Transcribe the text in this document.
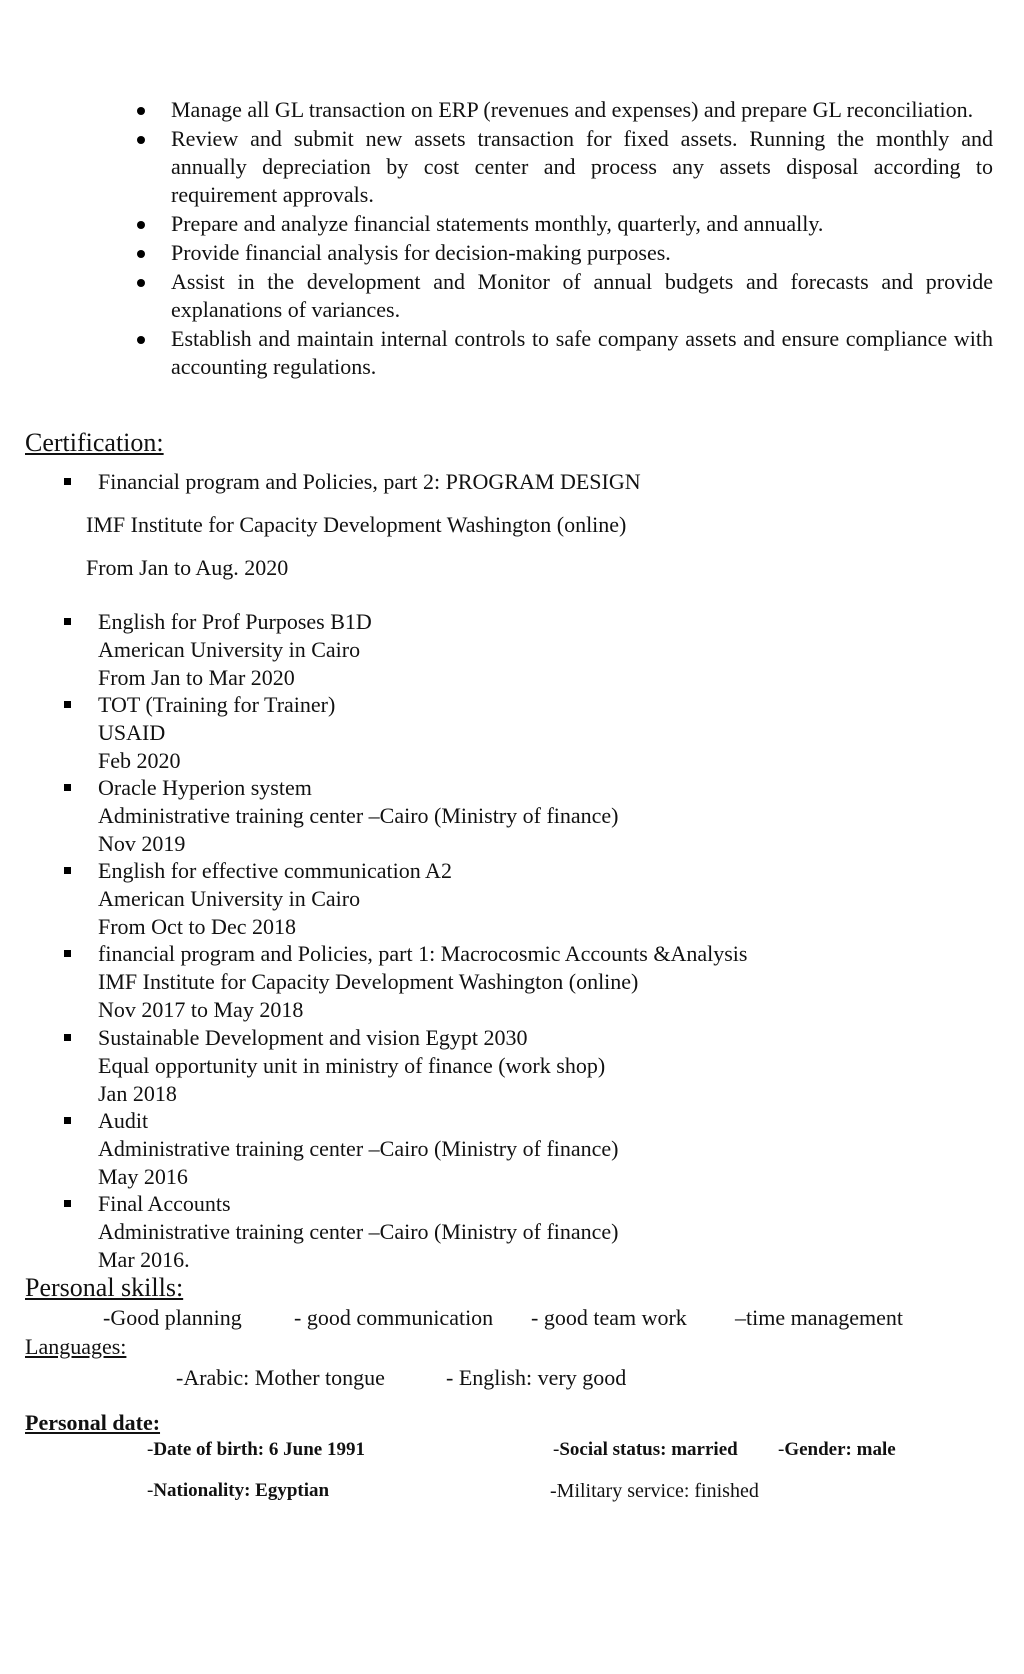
Manage all GL transaction on ERP (revenues and expenses) and prepare GL reconciliation.
Review and submit new assets transaction for fixed assets. Running the monthly and annually depreciation by cost center and process any assets disposal according to requirement approvals.
Prepare and analyze financial statements monthly, quarterly, and annually.
Provide financial analysis for decision-making purposes.
Assist in the development and Monitor of annual budgets and forecasts and provide explanations of variances.
Establish and maintain internal controls to safe company assets and ensure compliance with accounting regulations.
Certification:
Financial program and Policies, part 2: PROGRAM DESIGN
IMF Institute for Capacity Development Washington (online)
From Jan to Aug. 2020
English for Prof Purposes B1D
American University in Cairo
From Jan to Mar 2020
TOT (Training for Trainer)
USAID
Feb 2020
Oracle Hyperion system
Administrative training center –Cairo (Ministry of finance)
Nov 2019
English for effective communication A2
American University in Cairo
From Oct to Dec 2018
financial program and Policies, part 1: Macrocosmic Accounts &Analysis
IMF Institute for Capacity Development Washington (online)
Nov 2017 to May 2018
Sustainable Development and vision Egypt 2030
Equal opportunity unit in ministry of finance (work shop)
Jan 2018
Audit
Administrative training center –Cairo (Ministry of finance)
May 2016
Final Accounts
Administrative training center –Cairo (Ministry of finance)
Mar 2016.
Personal skills:
-Good planning - good communication - good team work –time management
Languages:
-Arabic: Mother tongue	- English: very good
Personal date:
-Date of birth: 6 June 1991	-Social status: married -Gender: male
-Nationality: Egyptian	-Military service: finished
